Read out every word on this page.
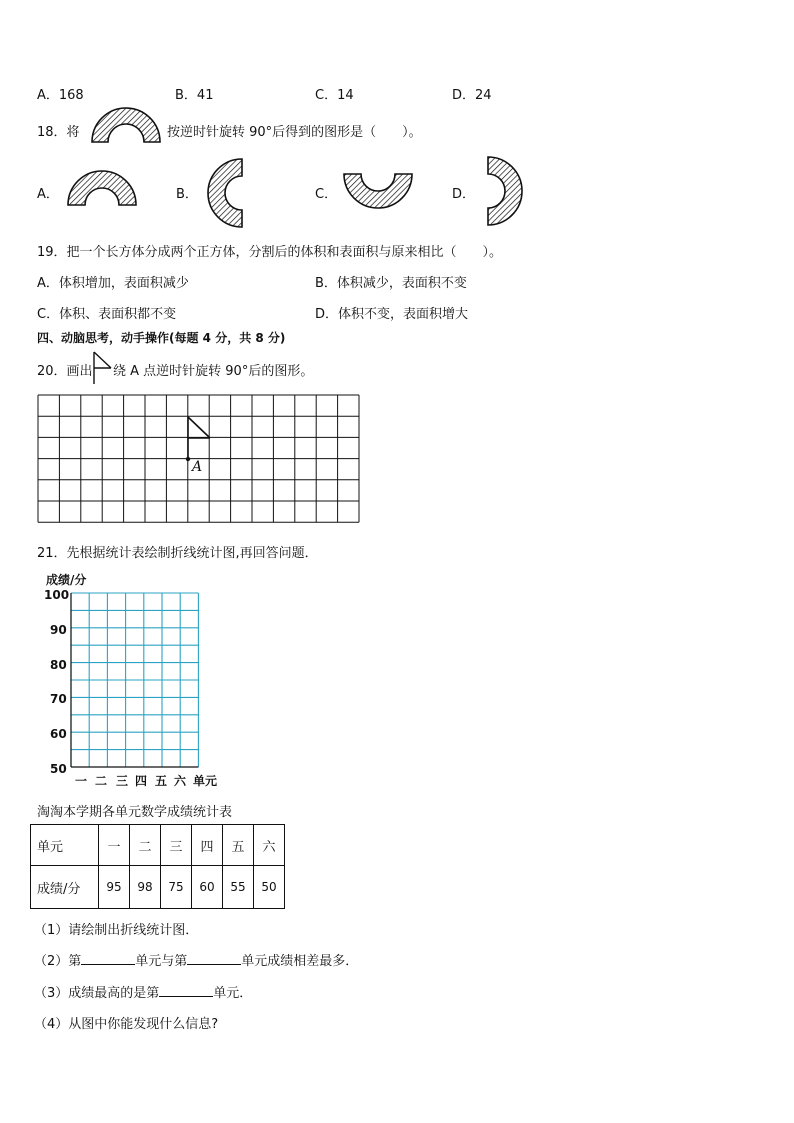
A．168	B．41	C．14	D．24
18．将	按逆时针旋转 90°后得到的图形是（　　）。
A．	B．	C．	D．
19．把一个长方体分成两个正方体，分割后的体积和表面积与原来相比（　　）。
A．体积增加，表面积减少	B．体积减少，表面积不变
C．体积、表面积都不变	D．体积不变，表面积增大
四、动脑思考，动手操作(每题 4 分，共 8 分)
20．画出 绕 A 点逆时针旋转 90°后的图形。
A
21．先根据统计表绘制折线统计图,再回答问题．
成绩/分
100
90
80
70
60
50
一 二 三 四 五 六 单元
淘淘本学期各单元数学成绩统计表
单元	一	二	三	四	五	六
成绩/分	95	98	75	60	55	50
（1）请绘制出折线统计图．
（2）第	单元与第	单元成绩相差最多．
（3）成绩最高的是第	单元．
（4）从图中你能发现什么信息?
